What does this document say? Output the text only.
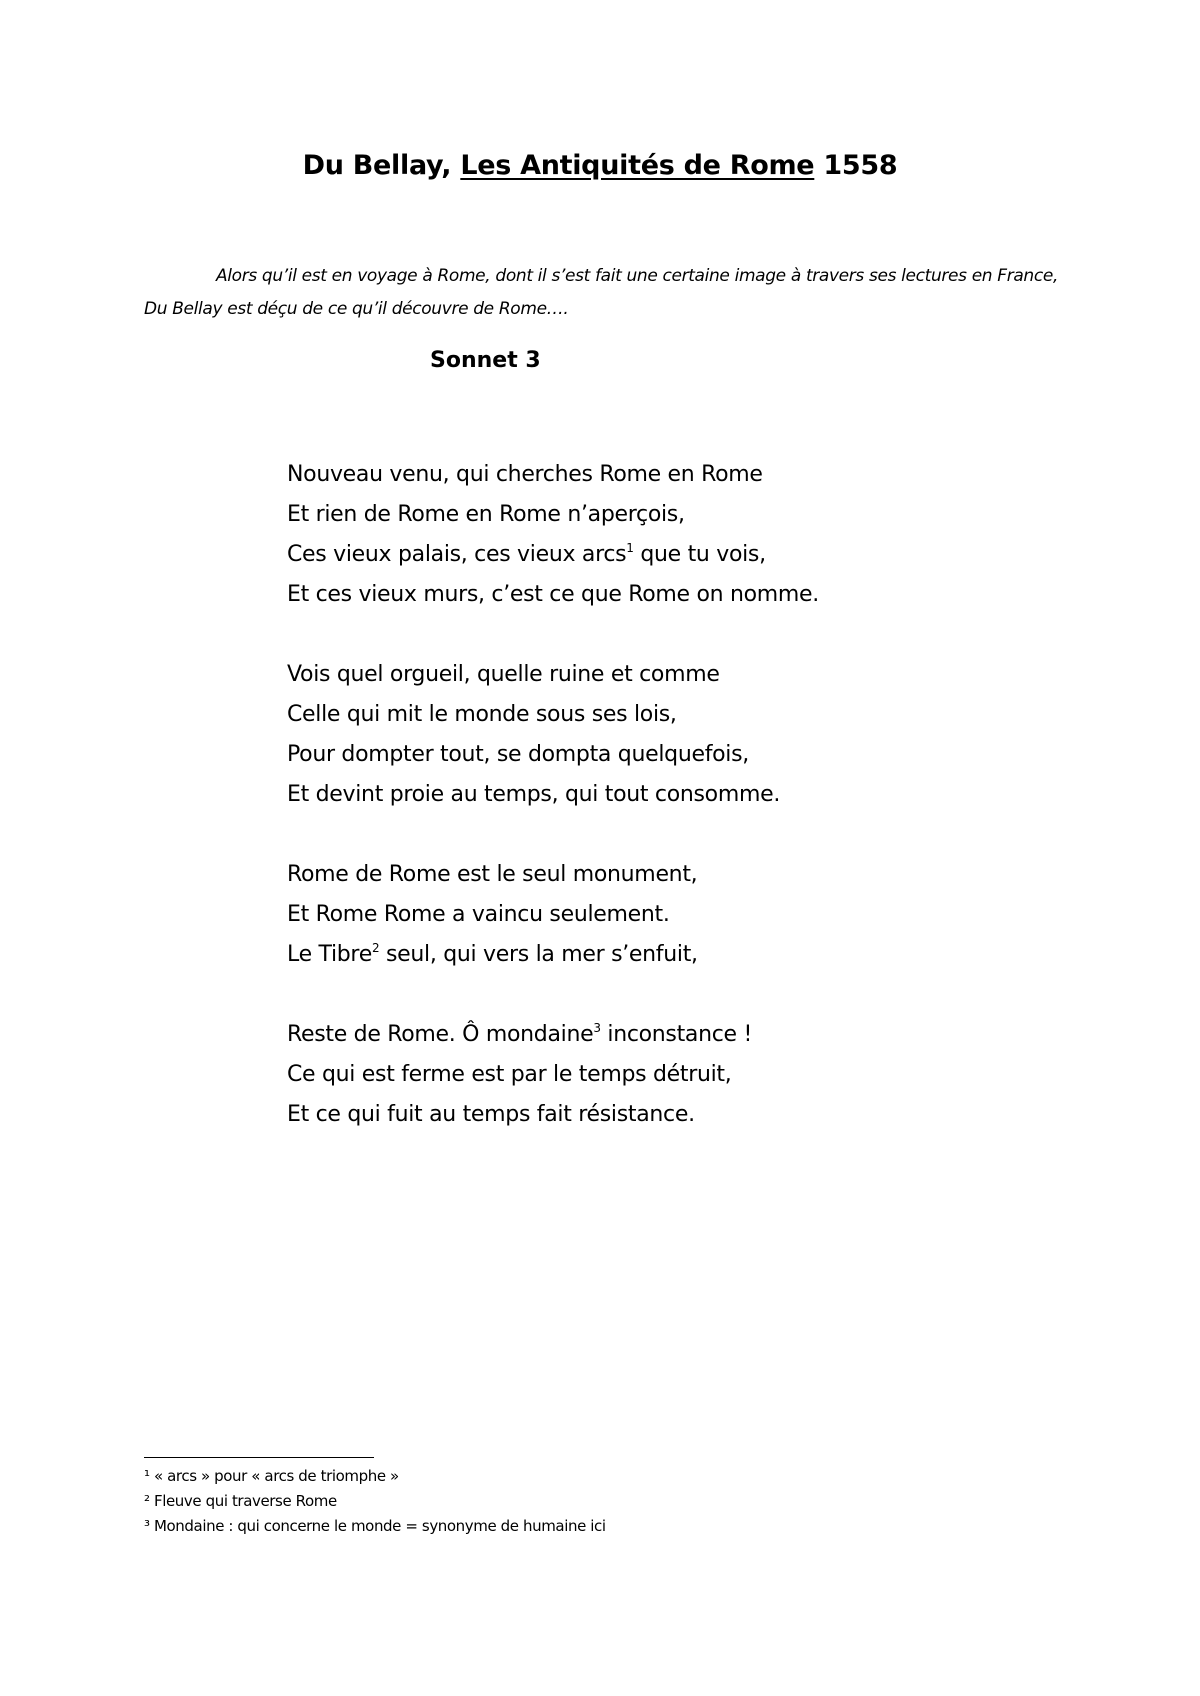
Du Bellay, Les Antiquités de Rome 1558
Alors qu’il est en voyage à Rome, dont il s’est fait une certaine image à travers ses lectures en France, Du Bellay est déçu de ce qu’il découvre de Rome….
Sonnet 3
Nouveau venu, qui cherches Rome en Rome
Et rien de Rome en Rome n’aperçois,
Ces vieux palais, ces vieux arcs$^1$ que tu vois,
Et ces vieux murs, c’est ce que Rome on nomme.
Vois quel orgueil, quelle ruine et comme
Celle qui mit le monde sous ses lois,
Pour dompter tout, se dompta quelquefois,
Et devint proie au temps, qui tout consomme.
Rome de Rome est le seul monument,
Et Rome Rome a vaincu seulement.
Le Tibre$^2$ seul, qui vers la mer s’enfuit,
Reste de Rome. Ô mondaine$^3$ inconstance !
Ce qui est ferme est par le temps détruit,
Et ce qui fuit au temps fait résistance.
¹ « arcs » pour « arcs de triomphe »
² Fleuve qui traverse Rome
³ Mondaine : qui concerne le monde = synonyme de humaine ici
